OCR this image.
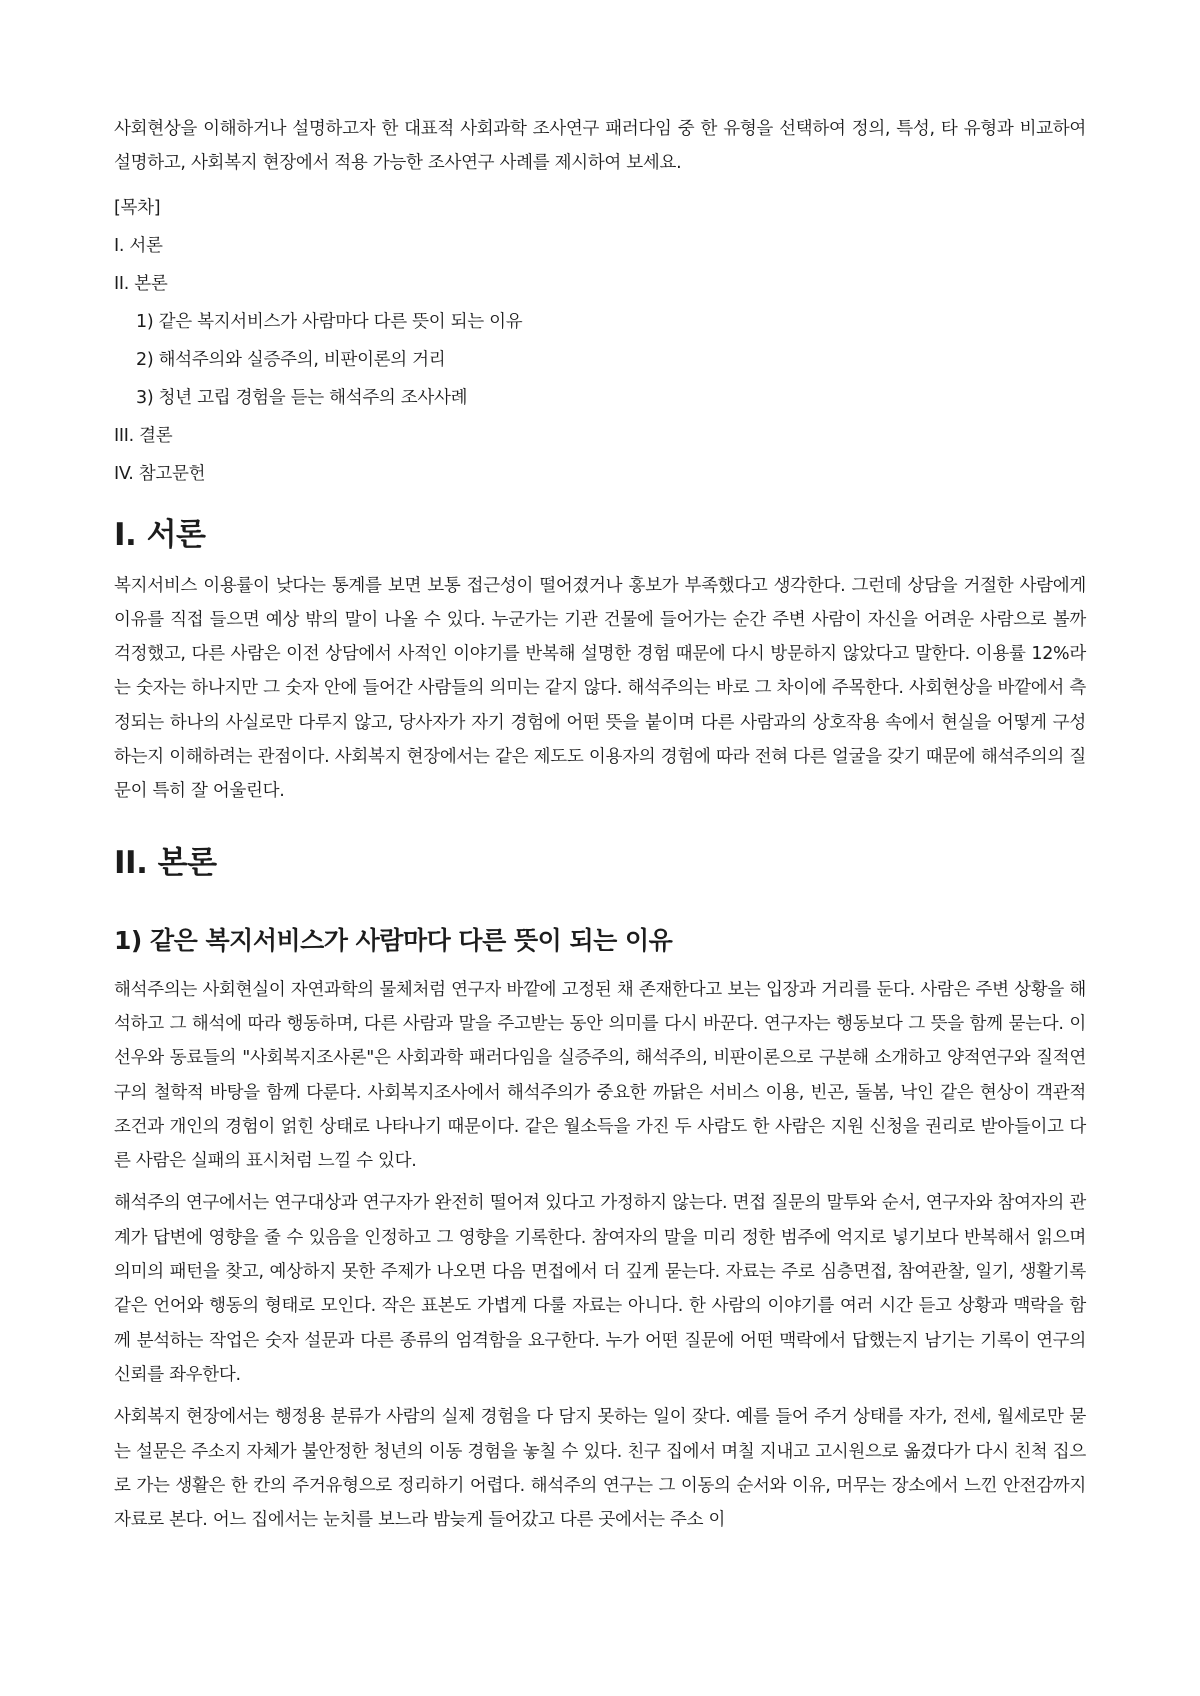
사회현상을 이해하거나 설명하고자 한 대표적 사회과학 조사연구 패러다임 중 한 유형을 선택하여 정의, 특성, 타 유형과 비교하여 설명하고, 사회복지 현장에서 적용 가능한 조사연구 사례를 제시하여 보세요.

[목차]
I. 서론
II. 본론
1) 같은 복지서비스가 사람마다 다른 뜻이 되는 이유
2) 해석주의와 실증주의, 비판이론의 거리
3) 청년 고립 경험을 듣는 해석주의 조사사례
III. 결론
IV. 참고문헌
I. 서론

복지서비스 이용률이 낮다는 통계를 보면 보통 접근성이 떨어졌거나 홍보가 부족했다고 생각한다. 그런데 상담을 거절한 사람에게 이유를 직접 들으면 예상 밖의 말이 나올 수 있다. 누군가는 기관 건물에 들어가는 순간 주변 사람이 자신을 어려운 사람으로 볼까 걱정했고, 다른 사람은 이전 상담에서 사적인 이야기를 반복해 설명한 경험 때문에 다시 방문하지 않았다고 말한다. 이용률 12%라는 숫자는 하나지만 그 숫자 안에 들어간 사람들의 의미는 같지 않다. 해석주의는 바로 그 차이에 주목한다. 사회현상을 바깥에서 측정되는 하나의 사실로만 다루지 않고, 당사자가 자기 경험에 어떤 뜻을 붙이며 다른 사람과의 상호작용 속에서 현실을 어떻게 구성하는지 이해하려는 관점이다. 사회복지 현장에서는 같은 제도도 이용자의 경험에 따라 전혀 다른 얼굴을 갖기 때문에 해석주의의 질문이 특히 잘 어울린다.

II. 본론
1) 같은 복지서비스가 사람마다 다른 뜻이 되는 이유

해석주의는 사회현실이 자연과학의 물체처럼 연구자 바깥에 고정된 채 존재한다고 보는 입장과 거리를 둔다. 사람은 주변 상황을 해석하고 그 해석에 따라 행동하며, 다른 사람과 말을 주고받는 동안 의미를 다시 바꾼다. 연구자는 행동보다 그 뜻을 함께 묻는다. 이선우와 동료들의 "사회복지조사론"은 사회과학 패러다임을 실증주의, 해석주의, 비판이론으로 구분해 소개하고 양적연구와 질적연구의 철학적 바탕을 함께 다룬다. 사회복지조사에서 해석주의가 중요한 까닭은 서비스 이용, 빈곤, 돌봄, 낙인 같은 현상이 객관적 조건과 개인의 경험이 얽힌 상태로 나타나기 때문이다. 같은 월소득을 가진 두 사람도 한 사람은 지원 신청을 권리로 받아들이고 다른 사람은 실패의 표시처럼 느낄 수 있다.

해석주의 연구에서는 연구대상과 연구자가 완전히 떨어져 있다고 가정하지 않는다. 면접 질문의 말투와 순서, 연구자와 참여자의 관계가 답변에 영향을 줄 수 있음을 인정하고 그 영향을 기록한다. 참여자의 말을 미리 정한 범주에 억지로 넣기보다 반복해서 읽으며 의미의 패턴을 찾고, 예상하지 못한 주제가 나오면 다음 면접에서 더 깊게 묻는다. 자료는 주로 심층면접, 참여관찰, 일기, 생활기록 같은 언어와 행동의 형태로 모인다. 작은 표본도 가볍게 다룰 자료는 아니다. 한 사람의 이야기를 여러 시간 듣고 상황과 맥락을 함께 분석하는 작업은 숫자 설문과 다른 종류의 엄격함을 요구한다. 누가 어떤 질문에 어떤 맥락에서 답했는지 남기는 기록이 연구의 신뢰를 좌우한다.

사회복지 현장에서는 행정용 분류가 사람의 실제 경험을 다 담지 못하는 일이 잦다. 예를 들어 주거 상태를 자가, 전세, 월세로만 묻는 설문은 주소지 자체가 불안정한 청년의 이동 경험을 놓칠 수 있다. 친구 집에서 며칠 지내고 고시원으로 옮겼다가 다시 친척 집으로 가는 생활은 한 칸의 주거유형으로 정리하기 어렵다. 해석주의 연구는 그 이동의 순서와 이유, 머무는 장소에서 느낀 안전감까지 자료로 본다. 어느 집에서는 눈치를 보느라 밤늦게 들어갔고 다른 곳에서는 주소 이
